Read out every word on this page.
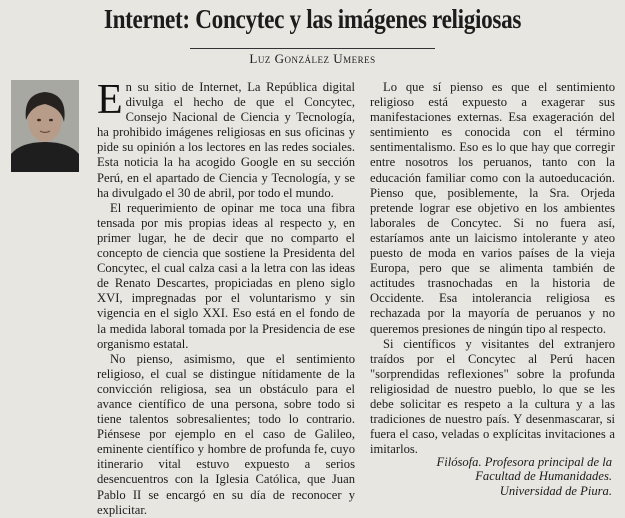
Internet: Concytec y las imágenes religiosas
Luz González Umeres

En su sitio de Internet, La República digital divulga el hecho de que el Concytec, Consejo Nacional de Ciencia y Tecnología, ha prohibido imágenes religiosas en sus oficinas y pide su opinión a los lectores en las redes sociales. Esta noticia la ha acogido Google en su sección Perú, en el apartado de Ciencia y Tecnología, y se ha divulgado el 30 de abril, por todo el mundo.

El requerimiento de opinar me toca una fibra tensada por mis propias ideas al respecto y, en primer lugar, he de decir que no comparto el concepto de ciencia que sostiene la Presidenta del Concytec, el cual calza casi a la letra con las ideas de Renato Descartes, propiciadas en pleno siglo XVI, impregnadas por el voluntarismo y sin vigencia en el siglo XXI. Eso está en el fondo de la medida laboral tomada por la Presidencia de ese organismo estatal.

No pienso, asimismo, que el sentimiento religioso, el cual se distingue nítidamente de la convicción religiosa, sea un obstáculo para el avance científico de una persona, sobre todo si tiene talentos sobresalientes; todo lo contrario. Piénsese por ejemplo en el caso de Galileo, eminente científico y hombre de profunda fe, cuyo itinerario vital estuvo expuesto a serios desencuentros con la Iglesia Católica, que Juan Pablo II se encargó en su día de reconocer y explicitar.

Lo que sí pienso es que el sentimiento religioso está expuesto a exagerar sus manifestaciones externas. Esa exageración del sentimiento es conocida con el término sentimentalismo. Eso es lo que hay que corregir entre nosotros los peruanos, tanto con la educación familiar como con la autoeducación. Pienso que, posiblemente, la Sra. Orjeda pretende lograr ese objetivo en los ambientes laborales de Concytec. Si no fuera así, estaríamos ante un laicismo intolerante y ateo puesto de moda en varios países de la vieja Europa, pero que se alimenta también de actitudes trasnochadas en la historia de Occidente. Esa intolerancia religiosa es rechazada por la mayoría de peruanos y no queremos presiones de ningún tipo al respecto.

Si científicos y visitantes del extranjero traídos por el Concytec al Perú hacen "sorprendidas reflexiones" sobre la profunda religiosidad de nuestro pueblo, lo que se les debe solicitar es respeto a la cultura y a las tradiciones de nuestro país. Y desenmascarar, si fuera el caso, veladas o explícitas invitaciones a imitarlos.

Filósofa. Profesora principal de la
Facultad de Humanidades.
Universidad de Piura.
